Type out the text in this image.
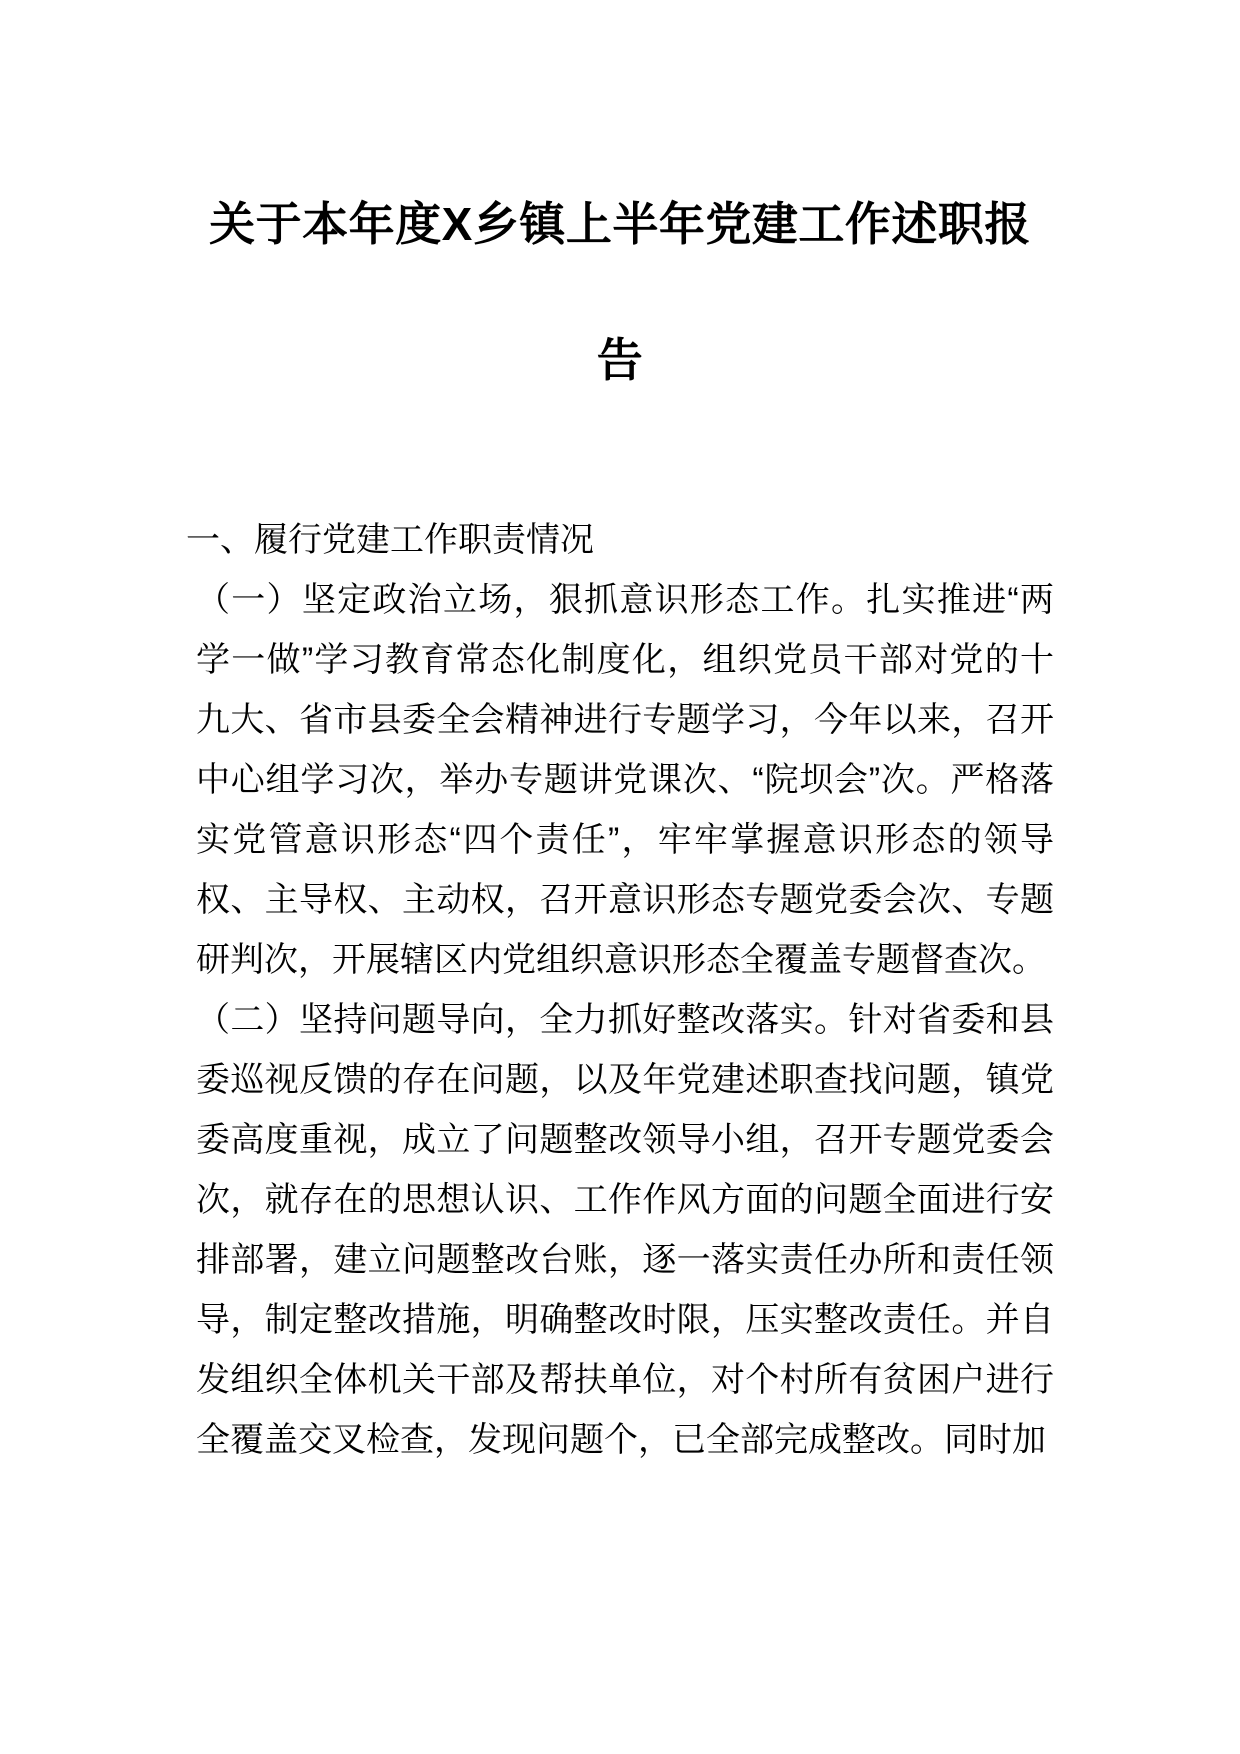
关于本年度X乡镇上半年党建工作述职报告

一、履行党建工作职责情况

（一）坚定政治立场，狠抓意识形态工作。扎实推进“两学一做”学习教育常态化制度化，组织党员干部对党的十九大、省市县委全会精神进行专题学习，今年以来，召开中心组学习次，举办专题讲党课次、“院坝会”次。严格落实党管意识形态“四个责任”，牢牢掌握意识形态的领导权、主导权、主动权，召开意识形态专题党委会次、专题研判次，开展辖区内党组织意识形态全覆盖专题督查次。

（二）坚持问题导向，全力抓好整改落实。针对省委和县委巡视反馈的存在问题，以及年党建述职查找问题，镇党委高度重视，成立了问题整改领导小组，召开专题党委会次，就存在的思想认识、工作作风方面的问题全面进行安排部署，建立问题整改台账，逐一落实责任办所和责任领导，制定整改措施，明确整改时限，压实整改责任。并自发组织全体机关干部及帮扶单位，对个村所有贫困户进行全覆盖交叉检查，发现问题个，已全部完成整改。同时加
